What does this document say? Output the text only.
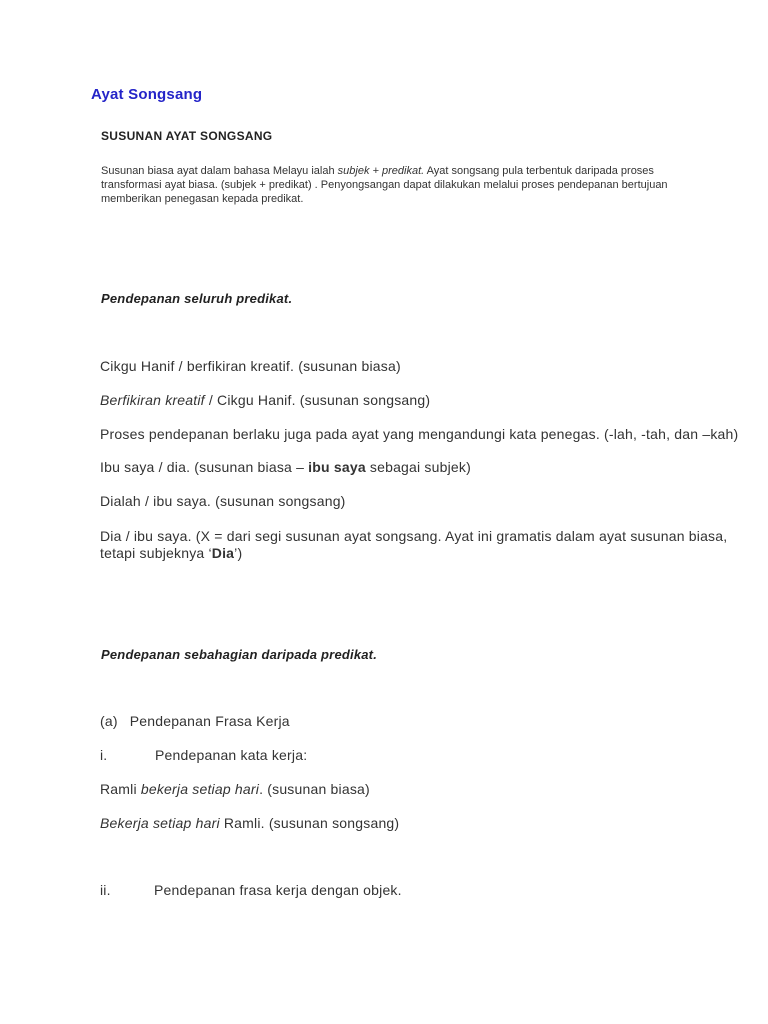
Ayat Songsang
SUSUNAN AYAT SONGSANG
Susunan biasa ayat dalam bahasa Melayu ialah subjek + predikat. Ayat songsang pula terbentuk daripada proses
transformasi ayat biasa. (subjek + predikat) . Penyongsangan dapat dilakukan melalui proses pendepanan bertujuan
memberikan penegasan kepada predikat.
Pendepanan seluruh predikat.
Cikgu Hanif / berfikiran kreatif. (susunan biasa)
Berfikiran kreatif / Cikgu Hanif. (susunan songsang)
Proses pendepanan berlaku juga pada ayat yang mengandungi kata penegas. (-lah, -tah, dan –kah)
Ibu saya / dia. (susunan biasa – ibu saya sebagai subjek)
Dialah / ibu saya. (susunan songsang)
Dia / ibu saya. (X = dari segi susunan ayat songsang. Ayat ini gramatis dalam ayat susunan biasa,
tetapi subjeknya ‘Dia’)
Pendepanan sebahagian daripada predikat.
(a) Pendepanan Frasa Kerja
i.	Pendepanan kata kerja:
Ramli bekerja setiap hari. (susunan biasa)
Bekerja setiap hari Ramli. (susunan songsang)
ii.	Pendepanan frasa kerja dengan objek.
